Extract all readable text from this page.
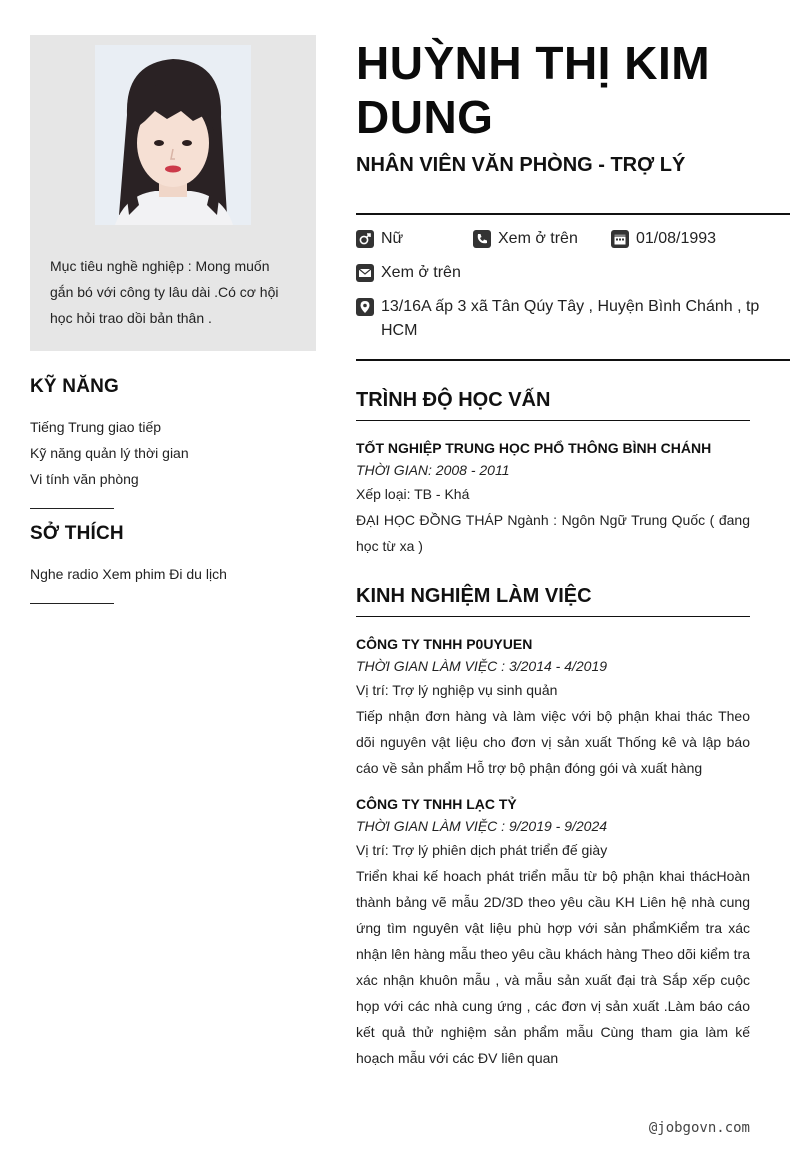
Mục tiêu nghề nghiệp : Mong muốn gắn bó với công ty lâu dài .Có cơ hội học hỏi trao dồi bản thân .
KỸ NĂNG
Tiếng Trung giao tiếp
Kỹ năng quản lý thời gian
Vi tính văn phòng
SỞ THÍCH
Nghe radio Xem phim Đi du lịch
HUỲNH THỊ KIM DUNG
NHÂN VIÊN VĂN PHÒNG - TRỢ LÝ
Nữ	Xem ở trên	01/08/1993
Xem ở trên
13/16A ấp 3 xã Tân Qúy Tây , Huyện Bình Chánh , tp HCM
TRÌNH ĐỘ HỌC VẤN
TỐT NGHIỆP TRUNG HỌC PHỔ THÔNG BÌNH CHÁNH
THỜI GIAN: 2008 - 2011
Xếp loại: TB - Khá
ĐẠI HỌC ĐỒNG THÁP Ngành : Ngôn Ngữ Trung Quốc ( đang học từ xa )
KINH NGHIỆM LÀM VIỆC
CÔNG TY TNHH P0UYUEN
THỜI GIAN LÀM VIỆC : 3/2014 - 4/2019
Vị trí: Trợ lý nghiệp vụ sinh quản
Tiếp nhận đơn hàng và làm việc với bộ phận khai thác Theo dõi nguyên vật liệu cho đơn vị sản xuất Thống kê và lập báo cáo về sản phẩm Hỗ trợ bộ phận đóng gói và xuất hàng
CÔNG TY TNHH LẠC TỶ
THỜI GIAN LÀM VIỆC : 9/2019 - 9/2024
Vị trí: Trợ lý phiên dịch phát triển đế giày
Triển khai kế hoach phát triển mẫu từ bộ phận khai thácHoàn thành bảng vẽ mẫu 2D/3D theo yêu cầu KH Liên hệ nhà cung ứng tìm nguyên vật liệu phù hợp với sản phẩmKiểm tra xác nhận lên hàng mẫu theo yêu cầu khách hàng Theo dõi kiểm tra xác nhận khuôn mẫu , và mẫu sản xuất đại trà Sắp xếp cuộc họp với các nhà cung ứng , các đơn vị sản xuất .Làm báo cáo kết quả thử nghiệm sản phẩm mẫu Cùng tham gia làm kế hoạch mẫu với các ĐV liên quan
@jobgovn.com
